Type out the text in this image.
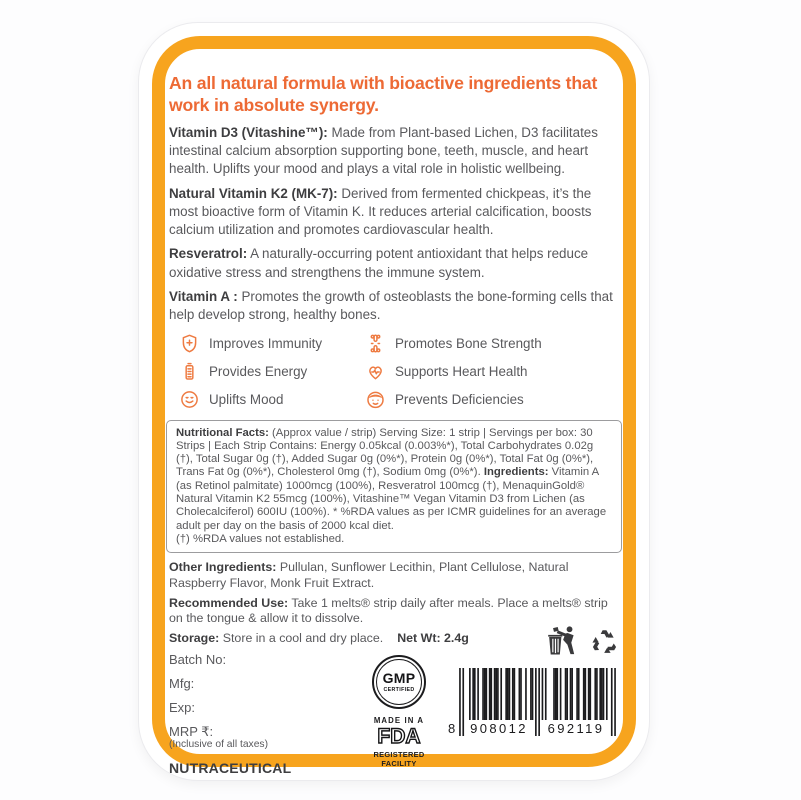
An all natural formula with bioactive ingredients that work in absolute synergy.

Vitamin D3 (Vitashine™): Made from Plant-based Lichen, D3 facilitates intestinal calcium absorption supporting bone, teeth, muscle, and heart health. Uplifts your mood and plays a vital role in holistic wellbeing.

Natural Vitamin K2 (MK-7): Derived from fermented chickpeas, it’s the most bioactive form of Vitamin K. It reduces arterial calcification, boosts calcium utilization and promotes cardiovascular health.

Resveratrol: A naturally-occurring potent antioxidant that helps reduce oxidative stress and strengthens the immune system.

Vitamin A : Promotes the growth of osteoblasts the bone-forming cells that help develop strong, healthy bones.

Improves Immunity	Promotes Bone Strength
Provides Energy	Supports Heart Health
Uplifts Mood	Prevents Deficiencies

Nutritional Facts: (Approx value / strip) Serving Size: 1 strip | Servings per box: 30 Strips | Each Strip Contains: Energy 0.05kcal (0.003%*), Total Carbohydrates 0.02g (†), Total Sugar 0g (†), Added Sugar 0g (0%*), Protein 0g (0%*), Total Fat 0g (0%*), Trans Fat 0g (0%*), Cholesterol 0mg (†), Sodium 0mg (0%*). Ingredients: Vitamin A (as Retinol palmitate) 1000mcg (100%), Resveratrol 100mcg (†), MenaquinGold® Natural Vitamin K2 55mcg (100%), Vitashine™ Vegan Vitamin D3 from Lichen (as Cholecalciferol) 600IU (100%). * %RDA values as per ICMR guidelines for an average adult per day on the basis of 2000 kcal diet.

(†) %RDA values not established.

Other Ingredients: Pullulan, Sunflower Lecithin, Plant Cellulose, Natural Raspberry Flavor, Monk Fruit Extract.

Recommended Use: Take 1 melts® strip daily after meals. Place a melts® strip on the tongue & allow it to dissolve.

Storage: Store in a cool and dry place. Net Wt: 2.4g

Batch No:
Mfg:
Exp:
MRP ₹:
(Inclusive of all taxes)
NUTRACEUTICAL
GMP
CERTIFIED
MADE IN A
FDA
REGISTERED
FACILITY
8	908012	692119
